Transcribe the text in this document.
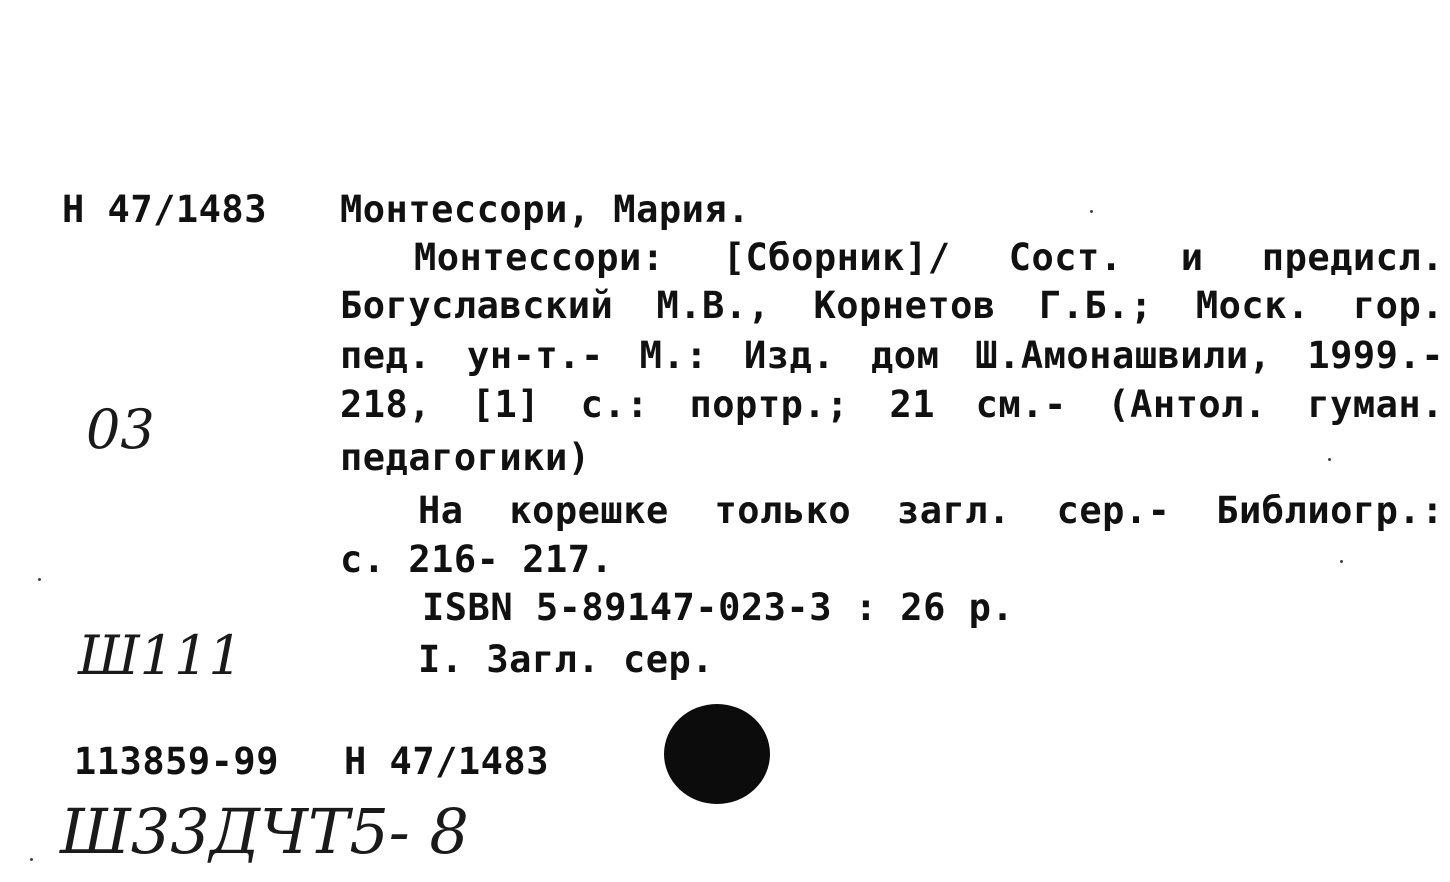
Н 47/1483 Монтессори, Мария.
Монтессори: [Сборник]/ Сост. и предисл.
Богуславский М.В., Корнетов Г.Б.; Моск. гор.
пед. ун-т.- М.: Изд. дом Ш.Амонашвили, 1999.-
218, [1] с.: портр.; 21 см.- (Антол. гуман.
педагогики)
На корешке только загл. сер.- Библиогр.:
с. 216- 217.
ISBN 5-89147-023-3 : 26 р.
I. Загл. сер.
113859-99 Н 47/1483
03
Ш111
Ш33ДЧТ5- 8
